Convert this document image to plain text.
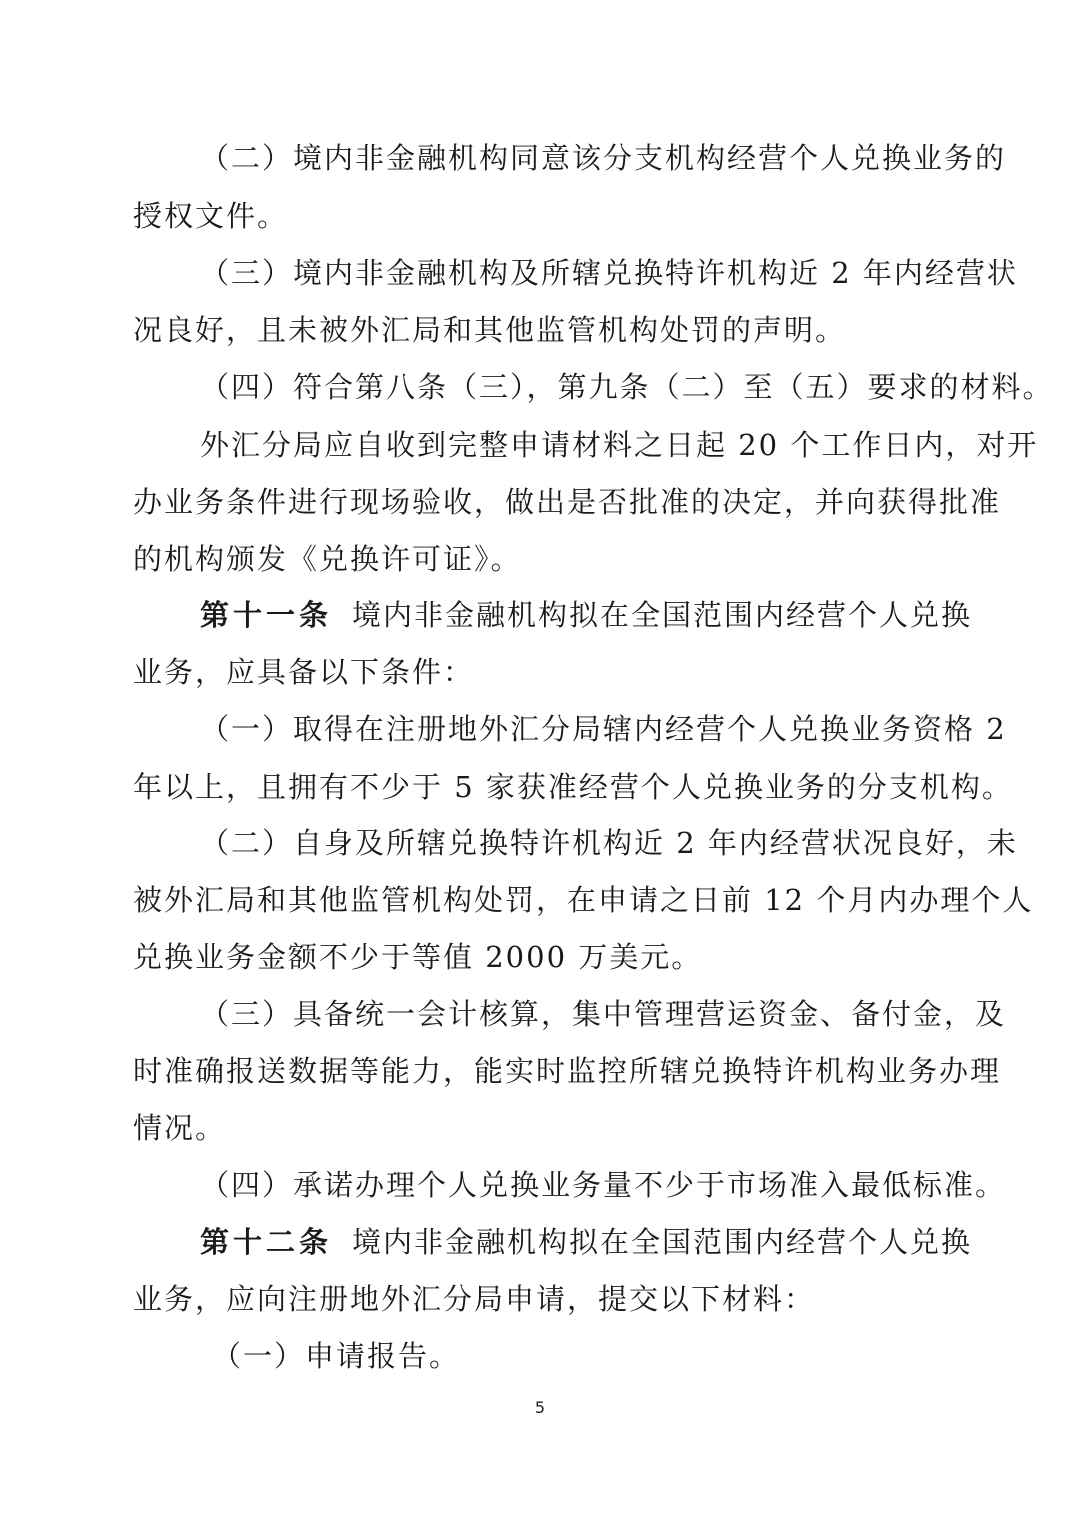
（二）境内非金融机构同意该分支机构经营个人兑换业务的
授权文件。
（三）境内非金融机构及所辖兑换特许机构近 2 年内经营状
况良好，且未被外汇局和其他监管机构处罚的声明。
（四）符合第八条（三），第九条（二）至（五）要求的材料。
外汇分局应自收到完整申请材料之日起 20 个工作日内，对开
办业务条件进行现场验收，做出是否批准的决定，并向获得批准
的机构颁发《兑换许可证》。
第十一条 境内非金融机构拟在全国范围内经营个人兑换
业务，应具备以下条件：
（一）取得在注册地外汇分局辖内经营个人兑换业务资格 2
年以上，且拥有不少于 5 家获准经营个人兑换业务的分支机构。
（二）自身及所辖兑换特许机构近 2 年内经营状况良好，未
被外汇局和其他监管机构处罚，在申请之日前 12 个月内办理个人
兑换业务金额不少于等值 2000 万美元。
（三）具备统一会计核算，集中管理营运资金、备付金，及
时准确报送数据等能力，能实时监控所辖兑换特许机构业务办理
情况。
（四）承诺办理个人兑换业务量不少于市场准入最低标准。
第十二条 境内非金融机构拟在全国范围内经营个人兑换
业务，应向注册地外汇分局申请，提交以下材料：
（一）申请报告。
5
